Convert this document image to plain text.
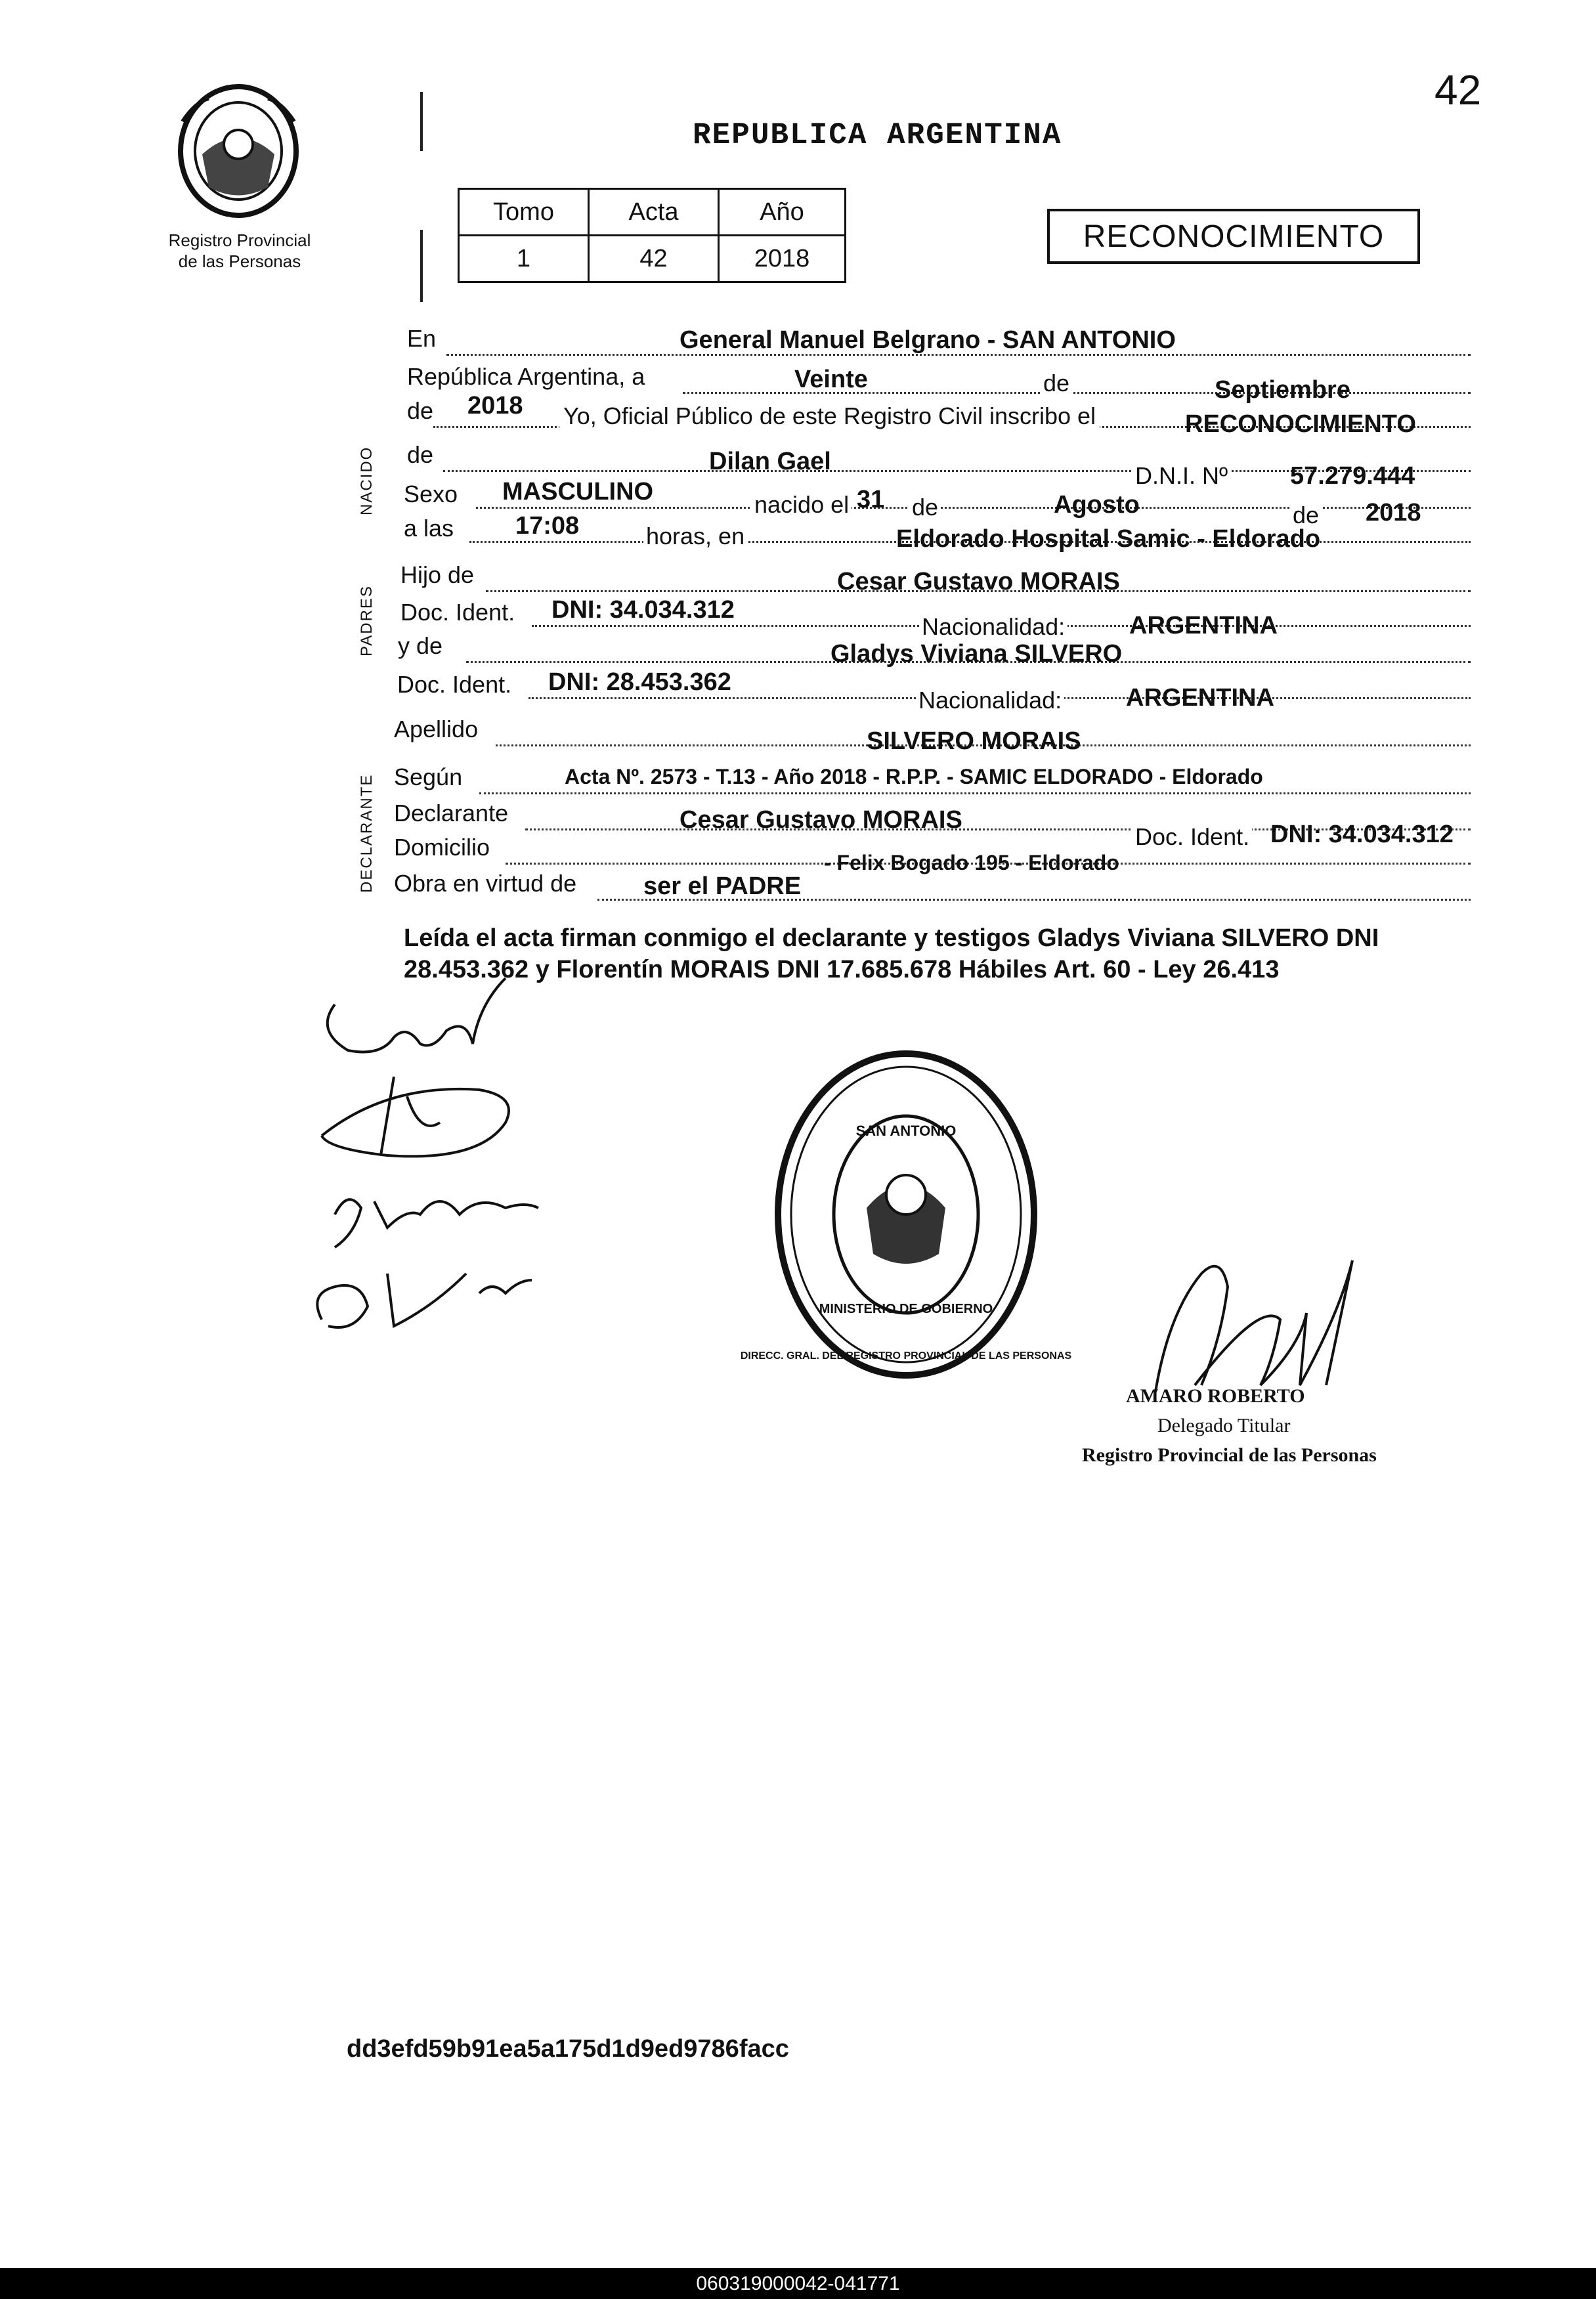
42
Registro Provincial
de las Personas
REPUBLICA ARGENTINA
Tomo	Acta	Año
1	42	2018
RECONOCIMIENTO
NACIDO
PADRES
DECLARANTE
En	General Manuel Belgrano - SAN ANTONIO
República Argentina, a	Veinte	de	Septiembre
de 2018 Yo, Oficial Público de este Registro Civil inscribo el	RECONOCIMIENTO
de	Dilan Gael
D.N.I. Nº 57.279.444
Sexo MASCULINO	nacido el 31 de	Agosto	de 2018
a las 17:08	horas, en	Eldorado Hospital Samic - Eldorado
Hijo de	Cesar Gustavo MORAIS
Doc. Ident. DNI: 34.034.312
Nacionalidad:	ARGENTINA
y de	Gladys Viviana SILVERO
Doc. Ident. DNI: 28.453.362
Nacionalidad:	ARGENTINA
Apellido	SILVERO MORAIS
Según	Acta Nº. 2573 - T.13 - Año 2018 - R.P.P. - SAMIC ELDORADO - Eldorado
Declarante	Cesar Gustavo MORAIS
Doc. Ident. DNI: 34.034.312
Domicilio
- Felix Bogado 195 - Eldorado
Obra en virtud de	ser el PADRE
Leída el acta firman conmigo el declarante y testigos Gladys Viviana SILVERO DNI 28.453.362 y Florentín MORAIS DNI 17.685.678 Hábiles Art. 60 - Ley 26.413
SAN ANTONIO
MINISTERIO DE GOBIERNO
DIRECC. GRAL. DEL REGISTRO PROVINCIAL DE LAS PERSONAS
AMARO ROBERTO
Delegado Titular
Registro Provincial de las Personas
dd3efd59b91ea5a175d1d9ed9786facc
060319000042-041771
